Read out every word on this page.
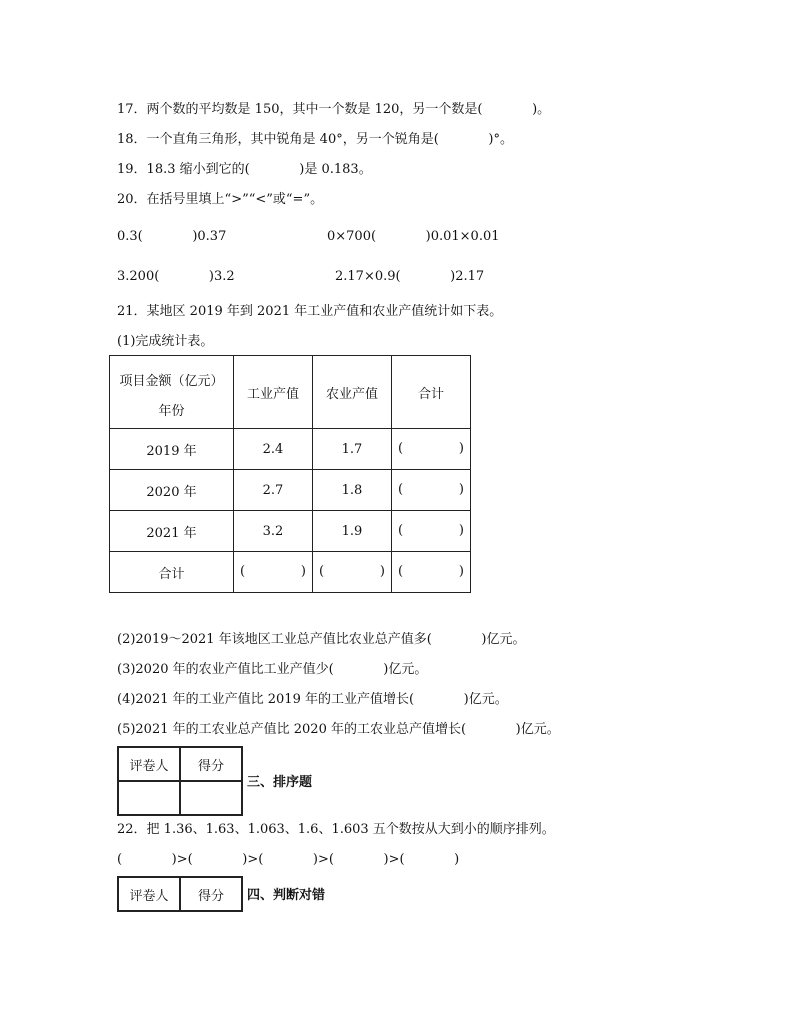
17．两个数的平均数是 150，其中一个数是 120，另一个数是(            )。
18．一个直角三角形，其中锐角是 40°，另一个锐角是(            )°。
19．18.3 缩小到它的(            )是 0.183。
20．在括号里填上“>”“<”或“=”。
0.3(            )0.37	0×700(            )0.01×0.01
3.200(            )3.2	2.17×0.9(            )2.17
21．某地区 2019 年到 2021 年工业产值和农业产值统计如下表。
(1)完成统计表。
项目金额（亿元）
年份	工业产值	农业产值	合计
2019 年	2.4	1.7	( )

2020 年	2.7	1.8	( )

2021 年	3.2	1.9	( )

合计	( )	( )	( )
(2)2019～2021 年该地区工业总产值比农业总产值多(            )亿元。
(3)2020 年的农业产值比工业产值少(            )亿元。
(4)2021 年的工业产值比 2019 年的工业产值增长(            )亿元。
(5)2021 年的工农业总产值比 2020 年的工农业总产值增长(            )亿元。
评卷人	得分

三、排序题
22．把 1.36、1.63、1.063、1.6、1.603 五个数按从大到小的顺序排列。
(            )>(            )>(            )>(            )>(            )
评卷人	得分 四、判断对错
